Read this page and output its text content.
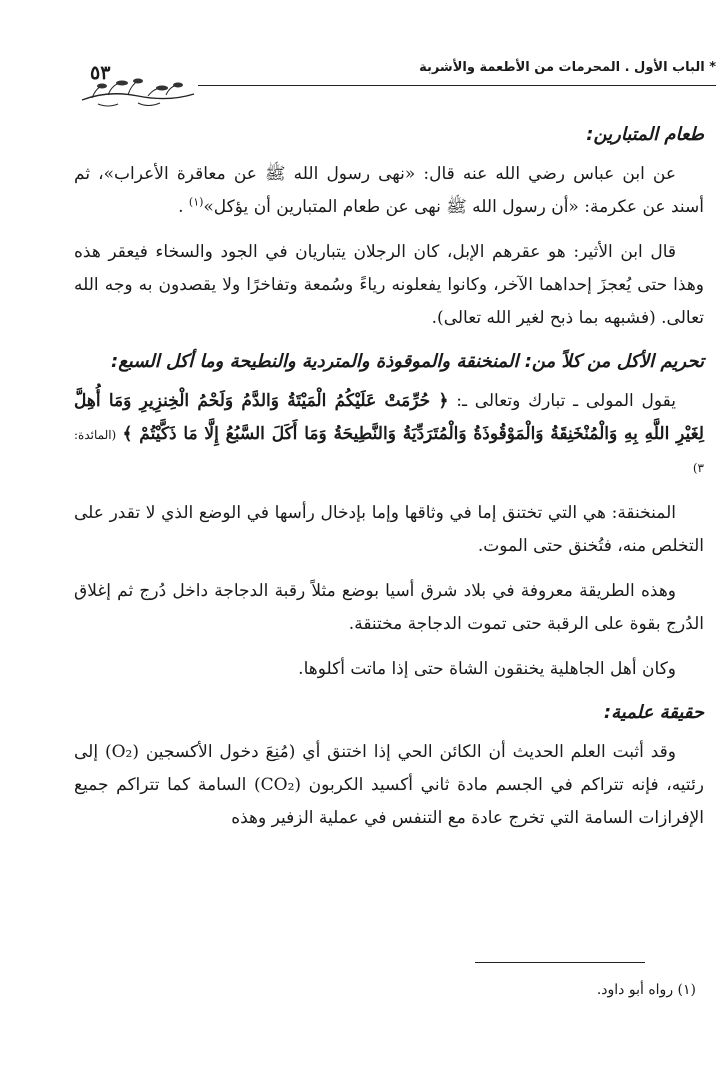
* الباب الأول . المحرمات من الأطعمة والأشربة
٥٣
طعام المتبارين:

عن ابن عباس رضي الله عنه قال: «نهى رسول الله ﷺ عن معاقرة الأعراب»، ثم أسند عن عكرمة: «أن رسول الله ﷺ نهى عن طعام المتبارين أن يؤكل»$^{(١)}$ .

قال ابن الأثير: هو عقرهم الإبل، كان الرجلان يتباريان في الجود والسخاء فيعقر هذه وهذا حتى يُعجزَ إحداهما الآخر، وكانوا يفعلونه رياءً وسُمعة وتفاخرًا ولا يقصدون به وجه الله تعالى. (فشبهه بما ذبح لغير الله تعالى).

تحريم الأكل من كلاً من: المنخنقة والموقوذة والمتردية والنطيحة وما أكل السبع:

يقول المولى ـ تبارك وتعالى ـ: ﴿ حُرِّمَتْ عَلَيْكُمُ الْمَيْتَةُ وَالدَّمُ وَلَحْمُ الْخِنزِيرِ وَمَا أُهِلَّ لِغَيْرِ اللَّهِ بِهِ وَالْمُنْخَنِقَةُ وَالْمَوْقُوذَةُ وَالْمُتَرَدِّيَةُ وَالنَّطِيحَةُ وَمَا أَكَلَ السَّبُعُ إِلَّا مَا ذَكَّيْتُمْ ﴾ (المائدة: ٣)

المنخنقة: هي التي تختنق إما في وثاقها وإما بإدخال رأسها في الوضع الذي لا تقدر على التخلص منه، فتُخنق حتى الموت.

وهذه الطريقة معروفة في بلاد شرق أسيا بوضع مثلاً رقبة الدجاجة داخل دُرج ثم إغلاق الدُرج بقوة على الرقبة حتى تموت الدجاجة مختنقة.

وكان أهل الجاهلية يخنقون الشاة حتى إذا ماتت أكلوها.

حقيقة علمية:

وقد أثبت العلم الحديث أن الكائن الحي إذا اختنق أي (مُنِعَ دخول الأكسجين (O₂) إلى رئتيه، فإنه تتراكم في الجسم مادة ثاني أكسيد الكربون (CO₂) السامة كما تتراكم جميع الإفرازات السامة التي تخرج عادة مع التنفس في عملية الزفير وهذه

(١) رواه أبو داود.
